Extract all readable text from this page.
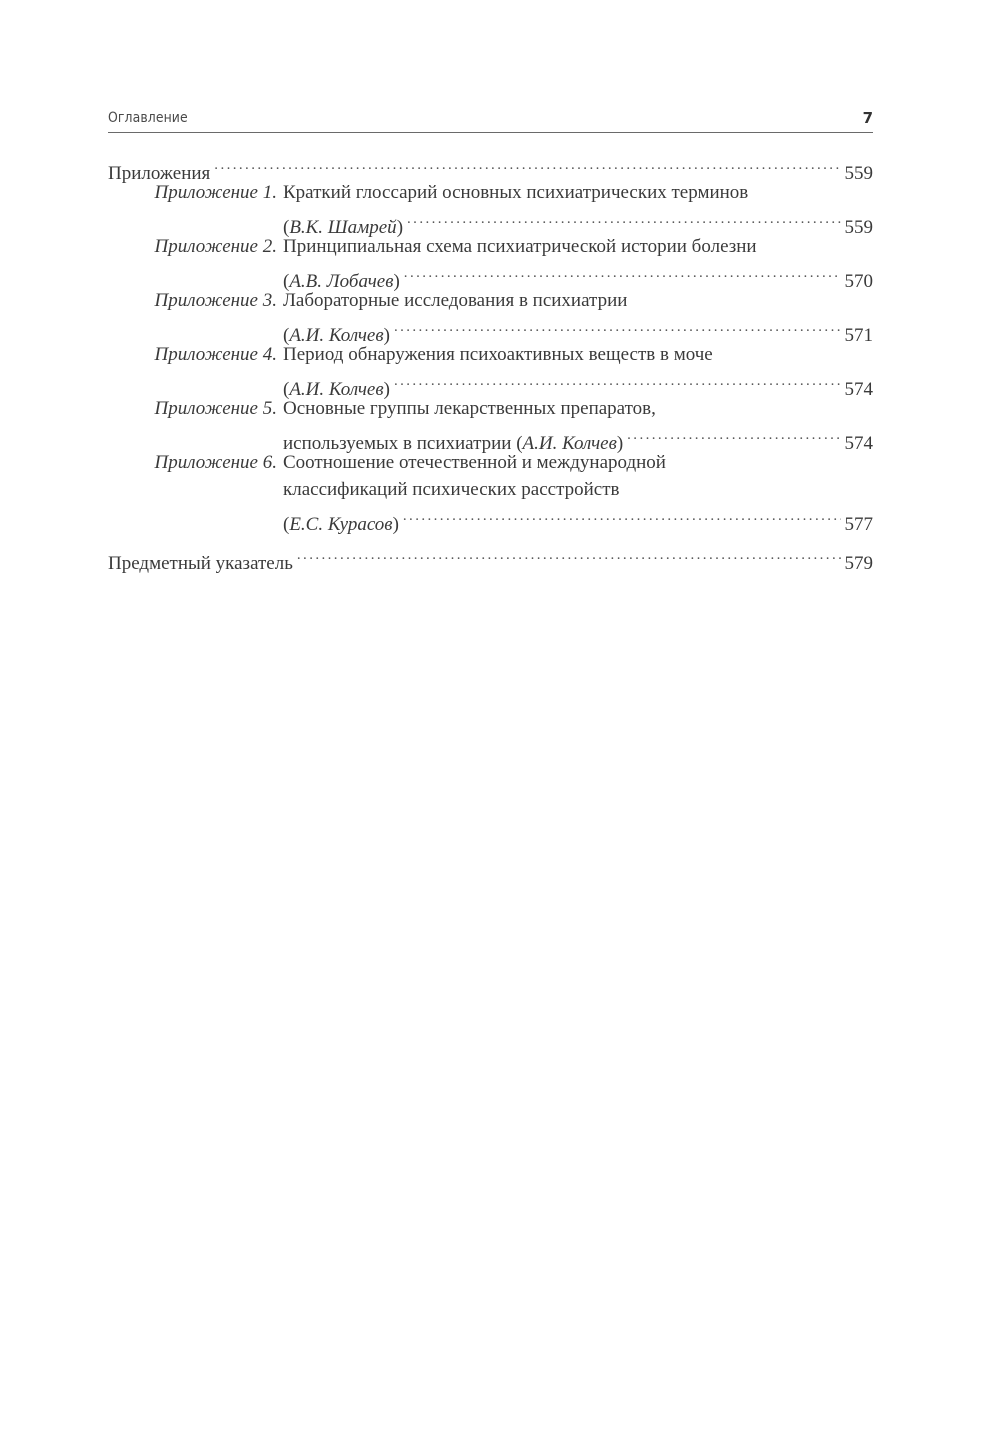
Оглавление	7
Приложения .....	559
Приложение 1. Краткий глоссарий основных психиатрических терминов
( В.К. Шамрей ) .....	559
Приложение 2. Принципиальная схема психиатрической истории болезни
( А.В. Лобачев ) .....	570
Приложение 3. Лабораторные исследования в психиатрии
( А.И. Колчев ) .....	571
Приложение 4. Период обнаружения психоактивных веществ в моче
( А.И. Колчев ) .....	574
Приложение 5. Основные группы лекарственных препаратов,
используемых в психиатрии ( А.И. Колчев ) .....	574
Приложение 6. Соотношение отечественной и международной
классификаций психических расстройств
( Е.С. Курасов ) .....	577
Предметный указатель .....	579
